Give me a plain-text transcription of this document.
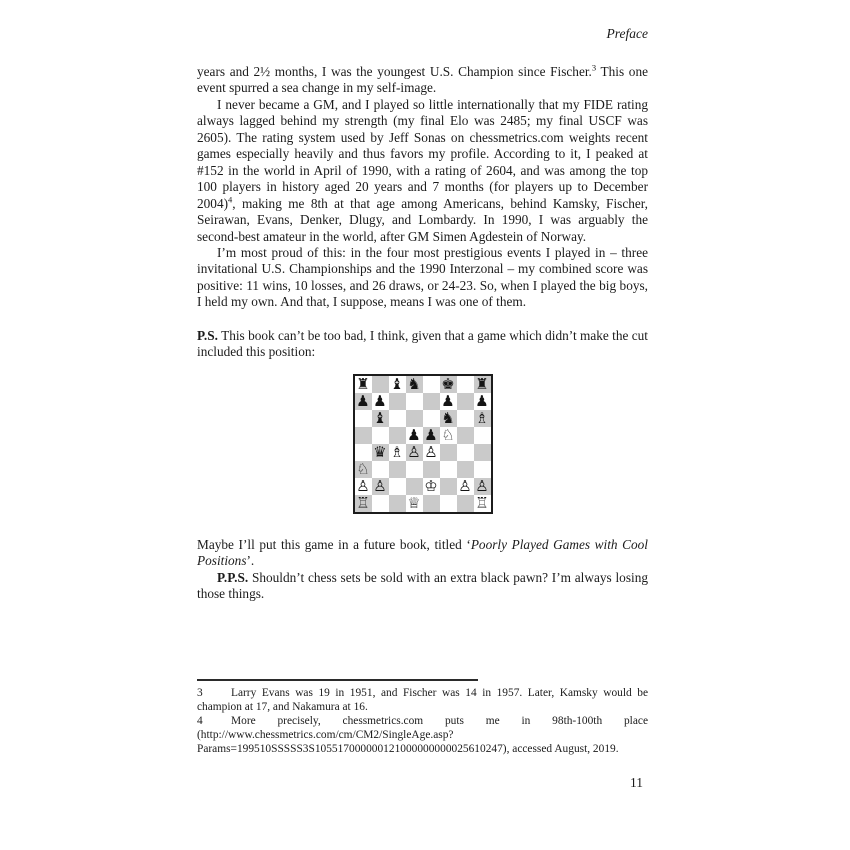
Preface

years and 2½ months, I was the youngest U.S. Champion since Fischer.$^3$ This one event spurred a sea change in my self-image.

I never became a GM, and I played so little internationally that my FIDE rating always lagged behind my strength (my final Elo was 2485; my final USCF was 2605). The rating system used by Jeff Sonas on chessmetrics.com weights recent games especially heavily and thus favors my profile. According to it, I peaked at #152 in the world in April of 1990, with a rating of 2604, and was among the top 100 players in history aged 20 years and 7 months (for players up to December 2004)$^4$, making me 8th at that age among Americans, behind Kamsky, Fischer, Seirawan, Evans, Denker, Dlugy, and Lombardy. In 1990, I was arguably the second-best amateur in the world, after GM Simen Agdestein of Norway.

I’m most proud of this: in the four most prestigious events I played in – three invitational U.S. Championships and the 1990 Interzonal – my combined score was positive: 11 wins, 10 losses, and 26 draws, or 24-23. So, when I played the big boys, I held my own. And that, I suppose, means I was one of them.

P.S. This book can’t be too bad, I think, given that a game which didn’t make the cut included this position:

♜ ♝ ♞ ♚ ♜
♟ ♟	♟ ♟
♝	♞ ♗
♟ ♟ ♘
♛ ♗ ♙ ♙
♘
♙ ♙	♔ ♙ ♙
♖	♕	♖

Maybe I’ll put this game in a future book, titled ‘Poorly Played Games with Cool Positions’.

P.P.S. Shouldn’t chess sets be sold with an extra black pawn? I’m always losing those things.

3 Larry Evans was 19 in 1951, and Fischer was 14 in 1957. Later, Kamsky would be champion at 17, and Nakamura at 16.

4 More precisely, chessmetrics.com puts me in 98th-100th place (http://www.chessmetrics.com/cm/CM2/SingleAge.asp?Params=199510SSSSS3S105517000000121000000000025610247), accessed August, 2019.

11
